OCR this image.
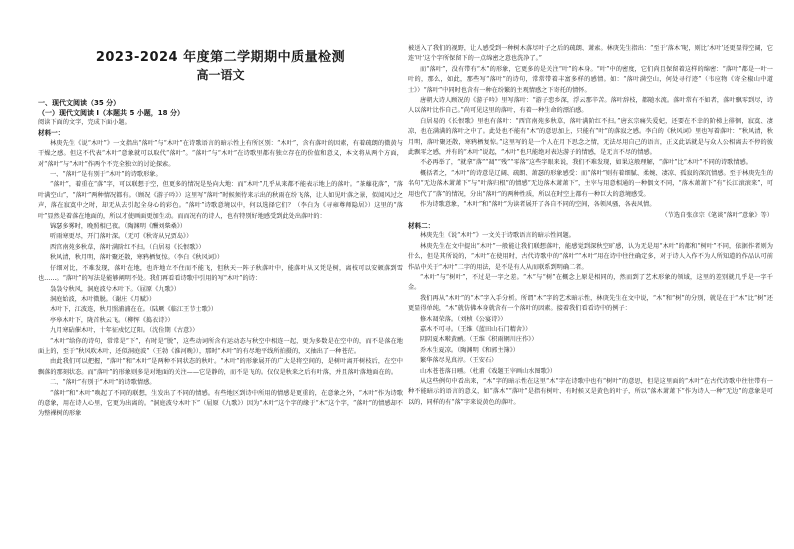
2023-2024 年度第二学期期中质量检测
高一语文

一、现代文阅读（35 分）

（一）现代文阅读 I（本题共 5 小题，18 分）

阅读下面的文字，完成下面小题。

材料一：

林庚先生《说“木叶”》一文指出“落叶”与“木叶”在诗歌语言的暗示性上有所区别：“木叶”，含有落叶的因素，有着疏朗的微黄与干燥之感。但这不代表“木叶”意象就可以取代“落叶”。“落叶”与“木叶”在诗歌里都有独立存在的价值和意义，本文将从两个方面，对“落叶”与“木叶”作两个不完全独立的讨论探索。

一、“落叶”是有别于“木叶”的诗歌形象。

“落叶”，着重在“落”字，可以联想于空，但更多的情况是坠向大地：而“木叶”几乎从来都不能表示地上的落叶。“茶蘼花落”，“落叶满空山”，“落叶”两种情况都有。（顾况《游子吟》）这里写“落叶”时候须待来示出的秋雨在纷飞落，让人如见叶落之景，似闻风过之声，落在寂寞中之时，却无从去引起全身心的彩色。“落叶”诗歌意境以中，何以选择它们？（李白为《寻雍尊师隐居》）这里的“落叶”显然是着落在地面的，所以才使画面更加生动。而而况有的诗人，也有特别好地感受到此处出落叶的：

锦瑟多雾时，晚照相已夜。（陶渊明《酬刘柴桑》）

听雨寒更尽，开门落叶深。（无可《秋寄从兄贾岛》）

西宫南苑多秋草，落叶满阶红不扫。（白居易《长恨歌》）

秋风清，秋月明，落叶聚还散，寒鸦栖复惊。（李白《秋风词》）

仔细对比，不难发现，落叶在地，也许地立不住而不能飞，但秋天一阵子秋落叶中，能落叶从又凭是树，离枝可以安顿落到雪也……。“落叶”的写法是能够阐明不处。我们再看看诗歌中引用的写“木叶”的诗：

袅袅兮秋风，洞庭波兮木叶下。（屈原《九歌》）

洞庭始波，木叶微脱。（谢庄《月赋》）

木叶下，江波连，秋月照浦浦在在。（陆厥《临江王节士歌》）

亭皋木叶下，陇首秋云飞。（柳恽《捣衣诗》）

九月寒砧催木叶，十年征戍忆辽阳。（沈佺期《古意》）

“木叶”给你的诗句，常常是“下”，有时是“脱”，这些动词所含有运动态与秋空中相连一起，更为多数是在空中的，而不是落在地面上的，至于“秋风吹木叶，还似洞庭波”（王勃《淮河晚》），那时“木叶”的有尽地平线所拍摄的，又抽出了一种苍茫。

由此我们可以把握，“落叶”和“木叶”是两种不同状态的秋叶。“木叶”的形象展开的广大是将空间的，是树叶离开树枝后，在空中飘落的那刻状态。而“落叶”的形象则多是对地面的关注——它是静的，而不是飞的。仅仅是秋来之后有叶落，并且落叶落地面在的。

二、“落叶”有别于“木叶”的诗歌情感。

“落叶”和“木叶”唤起了不同的联想，生发出了不同的情感。有些地区到诗中所用的情感是更重的，在意象之外，“木叶”作为诗歌的意象，用在诗人心里，它更为出离的。“洞庭波兮木叶下”（屈原《九歌》）因为“木叶”这个字的缘于“木”这个字，“落叶”的情感却不为整裸树的形象

被送入了我们的视野，让人感受到一种树木落尽叶子之后的疏朗、萧索。林庚先生指出：“至于‘落木’呢，则比‘木叶’还更显得空阔，它连‘叶’这个字所保留下的一点绵密之意也洗净了。”

而“落叶”，没有带有“木”的形象，它更多的是关注“叶”的本身。“叶”中的密度，它们尚且保留着这样的绵密：“落叶”都是一叶一叶的，那么，如此，那些写“落叶”的诗句，常常带着丰富多样的感情。如：“落叶满空山，何处寻行迹”（韦应物《寄全椒山中道士》）“落叶”中同时也含有一种在纷繁的主观情感之下寄托的情怀。

唐朝大诗人顾况的《游子吟》里写落叶：“游子恋乡深，浮云那辛苦。落叶辞枝，都随水流。落叶常有不如者，落叶飘零到尽，诗人以落叶比作自己。”尚可见这里的落叶，有着一种生命的漂泊感。

白居易的《长恨歌》里也有落叶：“西宫南苑多秋草，落叶满阶红不扫。”唐玄宗痛失爱妃，还要在不幸的阶梯上徘徊，寂寞、凄凉，也在满满的落叶之中了。此处也不能有“木”的意思加上，只能有“叶”的落寂之感。李白的《秋风词》里也写着落叶：“秋风清，秋月明，落叶聚还散，寒鸦栖复惊。”这里写的是一个人在月下思念之情，无法尽用自己的语言，正义此话就是与众人公相离去不停的彼此飘零之感，并有的“木叶”说起，“木叶”也只能绝对表达游子的情感，是无言不尽的情感。

不必再举了，“就拿“落”“凋”“残”“零落”这些字眼来说，我们不难发现，如果这般理解，“落叶”比“木叶”不同的诗歌情感。

概括者之，“木叶”的诗意是辽阔、疏朗、萧瑟的形象感受：而“落叶”则有着细腻、柔婉、凄凉、孤寂的深沉情感。至于林庚先生的名句“无边落木萧萧下”与“叶落归根”的情感“无边落木萧萧下”，主宰与用意相通的一种偶文不同，“落木萧萧下”有“长江滚滚来”，可用也代了“落”的情况，分出“落叶”的两种性质，所以在时空上都有一种巨大的意境感受。

作为诗歌意象，“木叶”和“落叶”为读者展开了各自不同的空间，各领风骚，各表风情。

（节选自张彦宗《笔谈“落叶”意象》等）

材料二：

林庚先生《说“木叶”》一文关于诗歌语言的暗示性问题。

林庚先生在文中提出“木叶”一般能让我们联想落叶，能感觉到深秋空旷感，认为无是用“木叶”的都和“树叶”不同，依据作者则为什么，但是其所说的，“木叶”在使用时，古代诗歌中的“落叶”“木叶”用在诗中往往确定多，对于诗人入作不为人所知道的作品认可前作品中关于“木叶”二字的用法，是不是有人从而联系到明确二者。

“木叶”与“树叶”，不过是一字之差。“木”与“树”在概念上原是相同的，然而到了艺术形象的领域，这里的差别就几乎是一字千金。

我们再从“木叶”的“木”字入手分析。所谓“木”字的艺术暗示性，林庚先生在文中说，“木”和“树”的分别，就是在于“木”比“树”还更显得单纯，“木”就仿佛本身就含有一个落叶的因素。接着我们看看诗中的例子：

修木凋荣落。（刘桢《公宴诗》）

嘉木不可寻。（王维《蓝田山石门精舍》）

阴阴夏木啭黄鹂。（王维《积雨辋川庄作》）

乔木生夏凉。（陶渊明《和郭主簿》）

繁华落尽见真淳。（王安石）

山木苍苍落日曛。（杜甫《戏题王宰画山水图歌》）

从这些例句中看出来，“木”字的暗示性在这里“木”字在诗歌中也有“树叶”的意思，但是这里面的“木叶”在古代诗歌中往往带有一种不能暗示的语言的意义，如“落木”“落叶”是指有树叶、有时候又是黄色的叶子，所以“落木萧萧下”作为诗人一种“无边”的意象是可以的，同样的有“落”字来说黄色的落叶。
